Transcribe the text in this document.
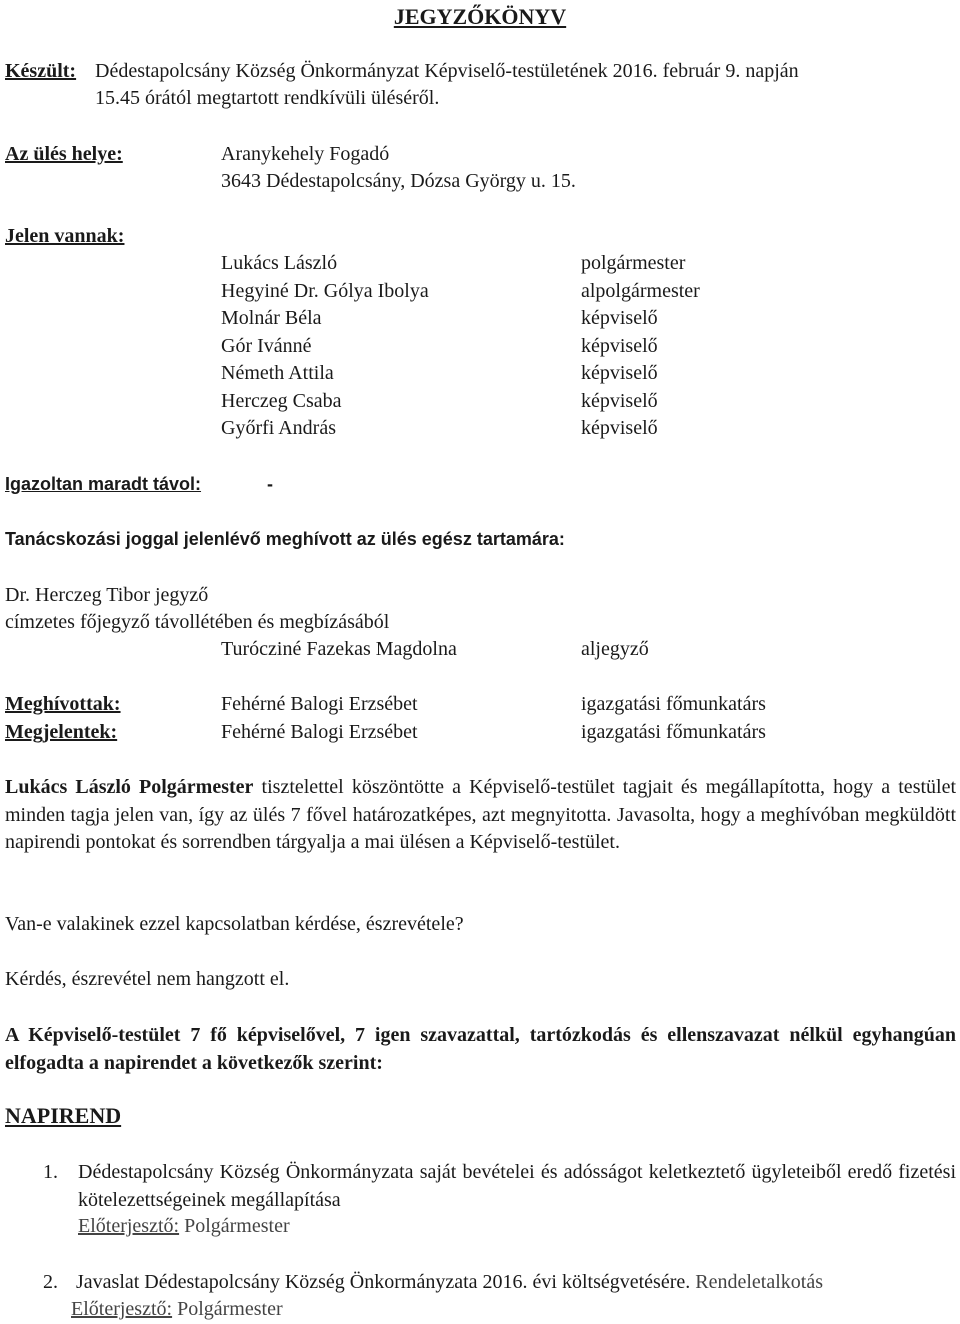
JEGYZŐKÖNYV
Készült: Dédestapolcsány Község Önkormányzat Képviselő-testületének 2016. február 9. napján
15.45 órától megtartott rendkívüli üléséről.
Az ülés helye:	Aranykehely Fogadó
3643 Dédestapolcsány, Dózsa György u. 15.
Jelen vannak:
Lukács László	polgármester
Hegyiné Dr. Gólya Ibolya	alpolgármester
Molnár Béla	képviselő
Gór Ivánné	képviselő
Németh Attila	képviselő
Herczeg Csaba	képviselő
Győrfi András	képviselő
Igazoltan maradt távol:	-
Tanácskozási joggal jelenlévő meghívott az ülés egész tartamára:
Dr. Herczeg Tibor jegyző
címzetes főjegyző távollétében és megbízásából
Turócziné Fazekas Magdolna	aljegyző
Meghívottak:	Fehérné Balogi Erzsébet	igazgatási főmunkatárs
Megjelentek:	Fehérné Balogi Erzsébet	igazgatási főmunkatárs
Lukács László Polgármester tisztelettel köszöntötte a Képviselő-testület tagjait és megállapította, hogy a testület minden tagja jelen van, így az ülés 7 fővel határozatképes, azt megnyitotta. Javasolta, hogy a meghívóban megküldött napirendi pontokat és sorrendben tárgyalja a mai ülésen a Képviselő-testület.
Van-e valakinek ezzel kapcsolatban kérdése, észrevétele?
Kérdés, észrevétel nem hangzott el.
A Képviselő-testület 7 fő képviselővel, 7 igen szavazattal, tartózkodás és ellenszavazat nélkül egyhangúan elfogadta a napirendet a következők szerint:
NAPIREND
1. Dédestapolcsány Község Önkormányzata saját bevételei és adósságot keletkeztető ügyleteiből eredő fizetési kötelezettségeinek megállapítása
Előterjesztő: Polgármester
2. Javaslat Dédestapolcsány Község Önkormányzata 2016. évi költségvetésére. Rendeletalkotás
Előterjesztő: Polgármester
